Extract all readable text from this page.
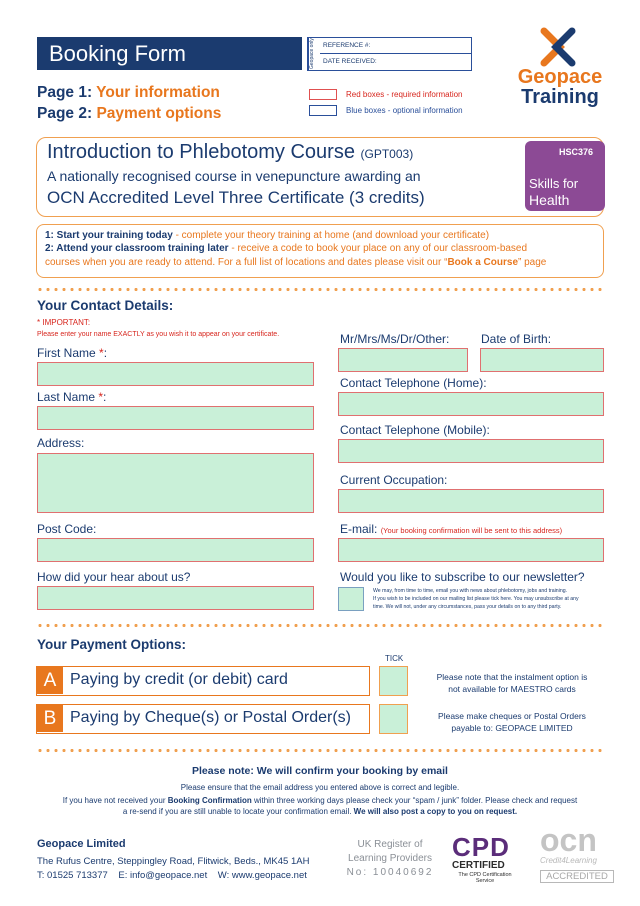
Booking Form	Geopace only	REFERENCE #:
DATE RECEIVED:
Page 1: Your information
Page 2: Payment options
Red boxes - required information
Blue boxes - optional information
Geopace
Training
Introduction to Phlebotomy Course (GPT003)
A nationally recognised course in venepuncture awarding an
OCN Accredited Level Three Certificate (3 credits)
HSC376
Skills for
Health
1: Start your training today - complete your theory training at home (and download your certificate)
2: Attend your classroom training later - receive a code to book your place on any of our classroom-based
courses when you are ready to attend. For a full list of locations and dates please visit our “Book a Course” page
Your Contact Details:
* IMPORTANT:
Please enter your name EXACTLY as you wish it to appear on your certificate.
First Name *:
Last Name *:
Address:
Post Code:
How did your hear about us?
Mr/Mrs/Ms/Dr/Other:	Date of Birth:
Contact Telephone (Home):
Contact Telephone (Mobile):
Current Occupation:
E-mail: (Your booking confirmation will be sent to this address)
Would you like to subscribe to our newsletter?
We may, from time to time, email you with news about phlebotomy, jobs and training.
If you wish to be included on our mailing list please tick here. You may unsubscribe at any
time. We will not, under any circumstances, pass your details on to any third party.
Your Payment Options:
TICK
A Paying by credit (or debit) card	Please note that the instalment option is
not available for MAESTRO cards
B Paying by Cheque(s) or Postal Order(s)	Please make cheques or Postal Orders
payable to: GEOPACE LIMITED
Please note: We will confirm your booking by email
Please ensure that the email address you entered above is correct and legible.
If you have not received your Booking Confirmation within three working days please check your “spam / junk” folder. Please check and request
a re-send if you are still unable to locate your confirmation email. We will also post a copy to you on request.
Geopace Limited
The Rufus Centre, Steppingley Road, Flitwick, Beds., MK45 1AH
T: 01525 713377 E: info@geopace.net W: www.geopace.net
UK Register of
Learning Providers
No: 10040692
CPD
CERTIFIED
The CPD Certification
Service
ocn
Credit4Learning
ACCREDITED
